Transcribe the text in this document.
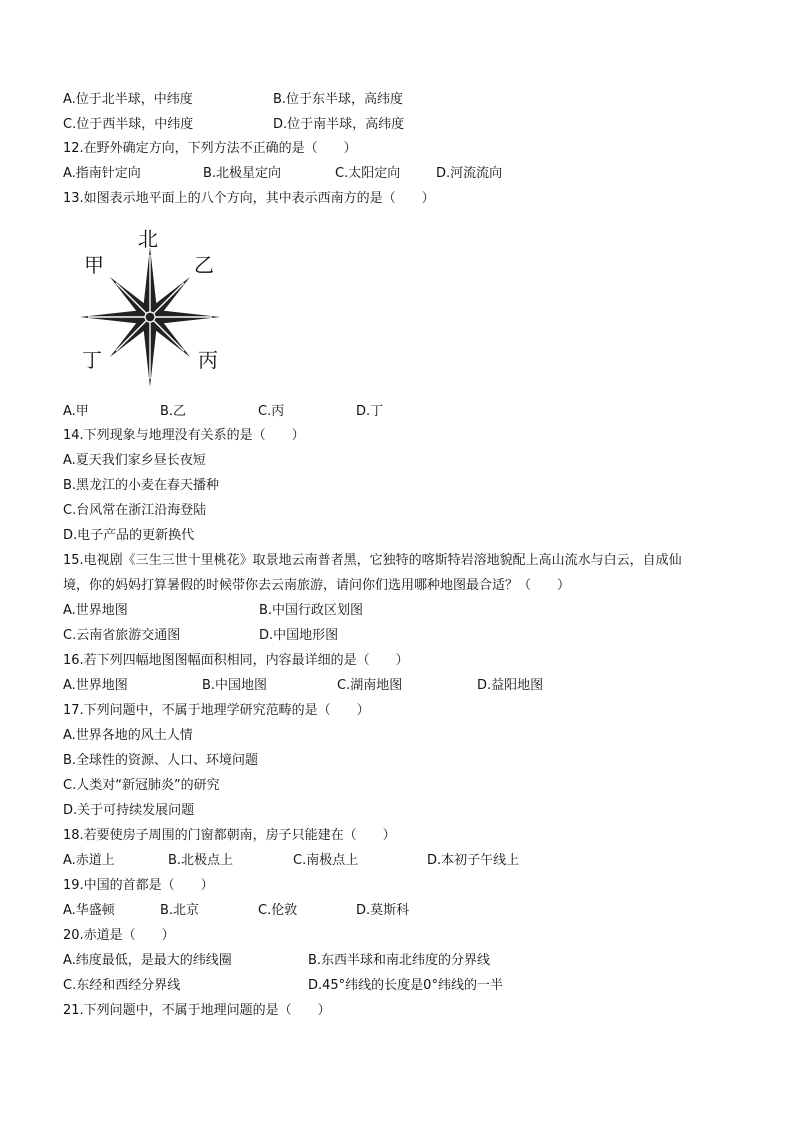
A.位于北半球，中纬度	B.位于东半球，高纬度
C.位于西半球，中纬度	D.位于南半球，高纬度
12.在野外确定方向，下列方法不正确的是（　　）
A.指南针定向	B.北极星定向	C.太阳定向	D.河流流向
13.如图表示地平面上的八个方向，其中表示西南方的是（　　）
北
甲	乙
丁	丙
A.甲	B.乙	C.丙	D.丁
14.下列现象与地理没有关系的是（　　）
A.夏天我们家乡昼长夜短
B.黑龙江的小麦在春天播种
C.台风常在浙江沿海登陆
D.电子产品的更新换代
15.电视剧《三生三世十里桃花》取景地云南普者黑，它独特的喀斯特岩溶地貌配上高山流水与白云，自成仙
境，你的妈妈打算暑假的时候带你去云南旅游，请问你们选用哪种地图最合适？（　　）
A.世界地图	B.中国行政区划图
C.云南省旅游交通图	D.中国地形图
16.若下列四幅地图图幅面积相同，内容最详细的是（　　）
A.世界地图	B.中国地图	C.湖南地图	D.益阳地图
17.下列问题中，不属于地理学研究范畴的是（　　）
A.世界各地的风土人情
B.全球性的资源、人口、环境问题
C.人类对“新冠肺炎”的研究
D.关于可持续发展问题
18.若要使房子周围的门窗都朝南，房子只能建在（　　）
A.赤道上	B.北极点上	C.南极点上	D.本初子午线上
19.中国的首都是（　　）
A.华盛顿	B.北京	C.伦敦	D.莫斯科
20.赤道是（　　）
A.纬度最低，是最大的纬线圈	B.东西半球和南北纬度的分界线
C.东经和西经分界线	D.45°纬线的长度是0°纬线的一半
21.下列问题中，不属于地理问题的是（　　）
